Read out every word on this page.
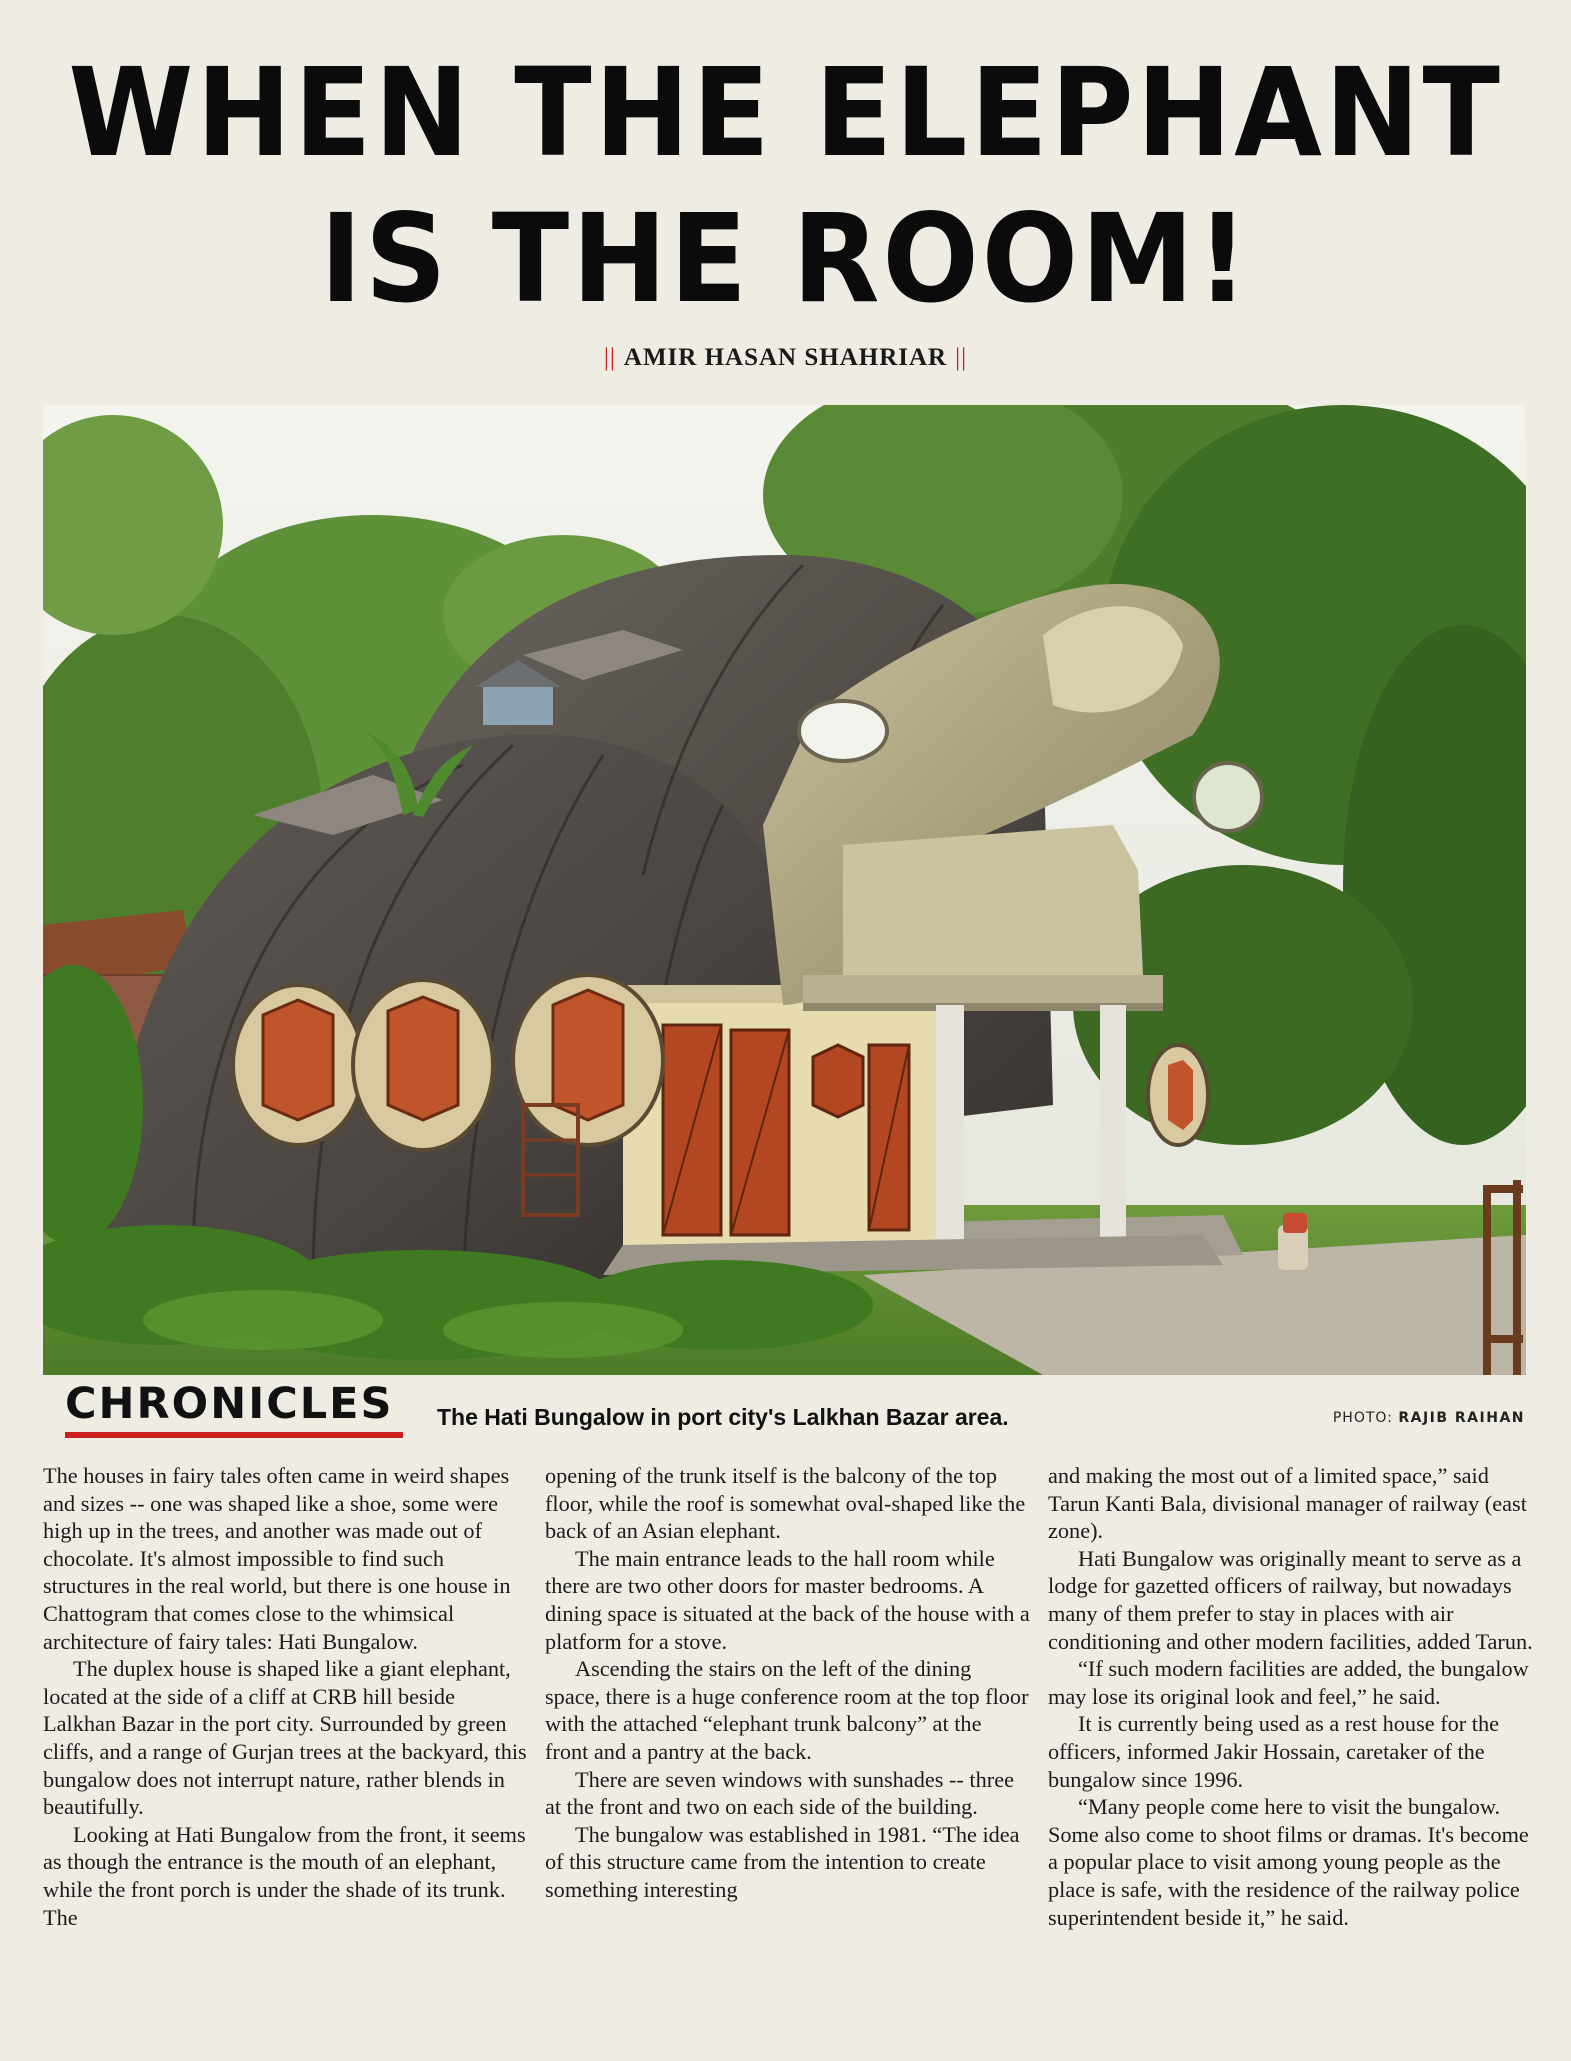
WHEN THE ELEPHANT
IS THE ROOM!
|| AMIR HASAN SHAHRIAR ||
CHRONICLES	The Hati Bungalow in port city's Lalkhan Bazar area.	PHOTO: RAJIB RAIHAN

The houses in fairy tales often came in weird shapes and sizes -- one was shaped like a shoe, some were high up in the trees, and another was made out of chocolate. It's almost impossible to find such structures in the real world, but there is one house in Chattogram that comes close to the whimsical architecture of fairy tales: Hati Bungalow.

The duplex house is shaped like a giant elephant, located at the side of a cliff at CRB hill beside Lalkhan Bazar in the port city. Surrounded by green cliffs, and a range of Gurjan trees at the backyard, this bungalow does not interrupt nature, rather blends in beautifully.

Looking at Hati Bungalow from the front, it seems as though the entrance is the mouth of an elephant, while the front porch is under the shade of its trunk. The

opening of the trunk itself is the balcony of the top floor, while the roof is somewhat oval-shaped like the back of an Asian elephant.

The main entrance leads to the hall room while there are two other doors for master bedrooms. A dining space is situated at the back of the house with a platform for a stove.

Ascending the stairs on the left of the dining space, there is a huge conference room at the top floor with the attached “elephant trunk balcony” at the front and a pantry at the back.

There are seven windows with sunshades -- three at the front and two on each side of the building.

The bungalow was established in 1981. “The idea of this structure came from the intention to create something interesting

and making the most out of a limited space,” said Tarun Kanti Bala, divisional manager of railway (east zone).

Hati Bungalow was originally meant to serve as a lodge for gazetted officers of railway, but nowadays many of them prefer to stay in places with air conditioning and other modern facilities, added Tarun.

“If such modern facilities are added, the bungalow may lose its original look and feel,” he said.

It is currently being used as a rest house for the officers, informed Jakir Hossain, caretaker of the bungalow since 1996.

“Many people come here to visit the bungalow. Some also come to shoot films or dramas. It's become a popular place to visit among young people as the place is safe, with the residence of the railway police superintendent beside it,” he said.
